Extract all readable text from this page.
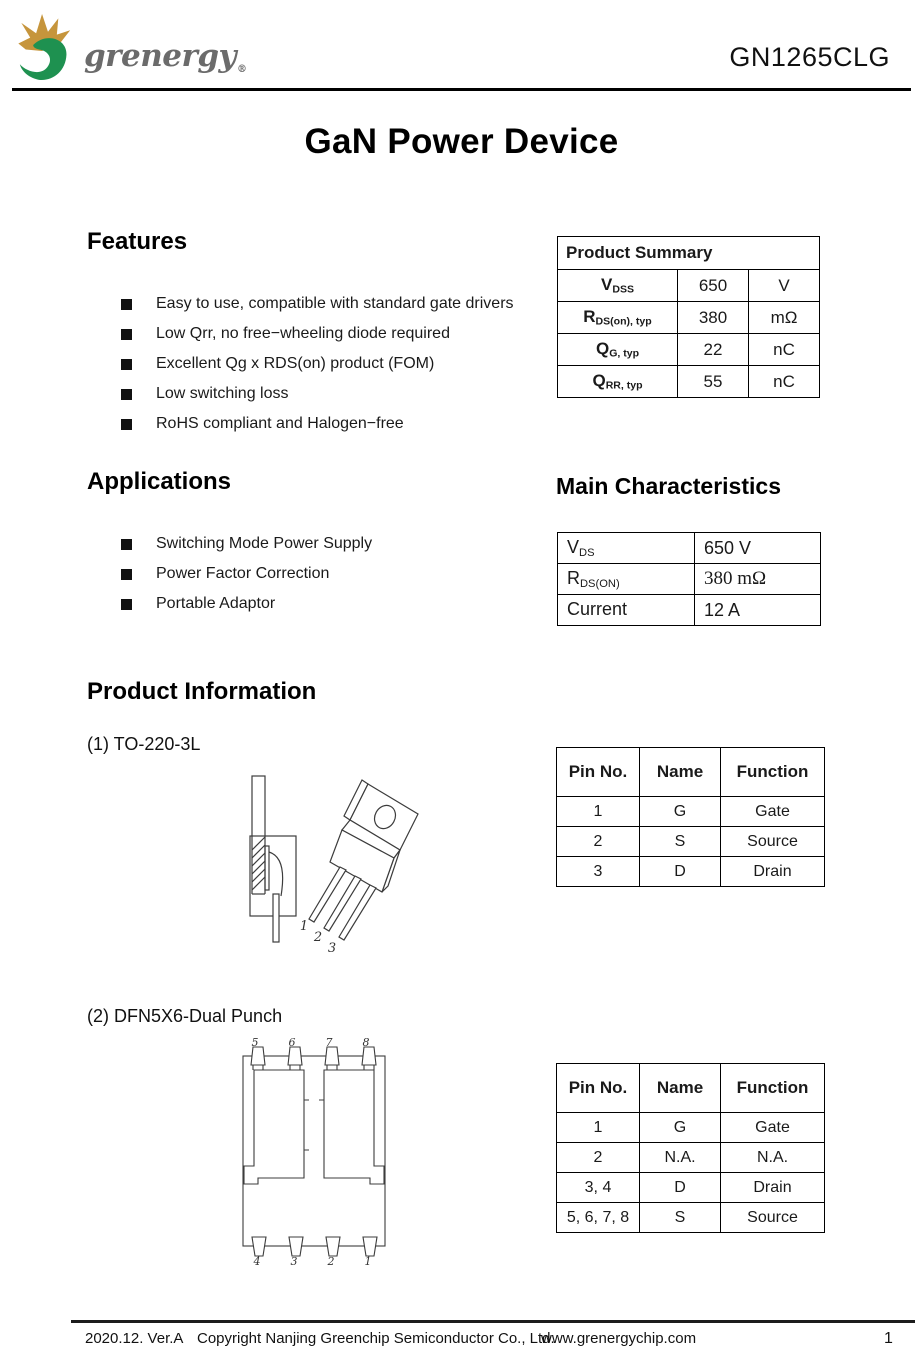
grenergy®	GN1265CLG
GaN Power Device
Features
Easy to use, compatible with standard gate drivers
Low Qrr, no free−wheeling diode required
Excellent Qg x RDS(on) product (FOM)
Low switching loss
RoHS compliant and Halogen−free
Product Summary		
$V_{DSS}$	650	V
$R_{DS(on), typ}$	380	mΩ
$Q_{G, typ}$	22	nC
$Q_{RR, typ}$	55	nC
Applications
Switching Mode Power Supply
Power Factor Correction
Portable Adaptor
Main Characteristics
$V_{DS}$	650 V
$R_{DS(ON)}$	380 mΩ
Current	12 A
Product Information
(1) TO-220-3L
1
2
3
Pin No.	Name	Function
1	G	Gate
2	S	Source
3	D	Drain
(2) DFN5X6-Dual Punch
5	6	7	8
4	3	2	1
Pin No.	Name	Function
1	G	Gate
2	N.A.	N.A.
3, 4	D	Drain
5, 6, 7, 8	S	Source
2020.12. Ver.A Copyright Nanjing Greenchip Semiconductor Co., Ltd.
www.grenergychip.com	1
